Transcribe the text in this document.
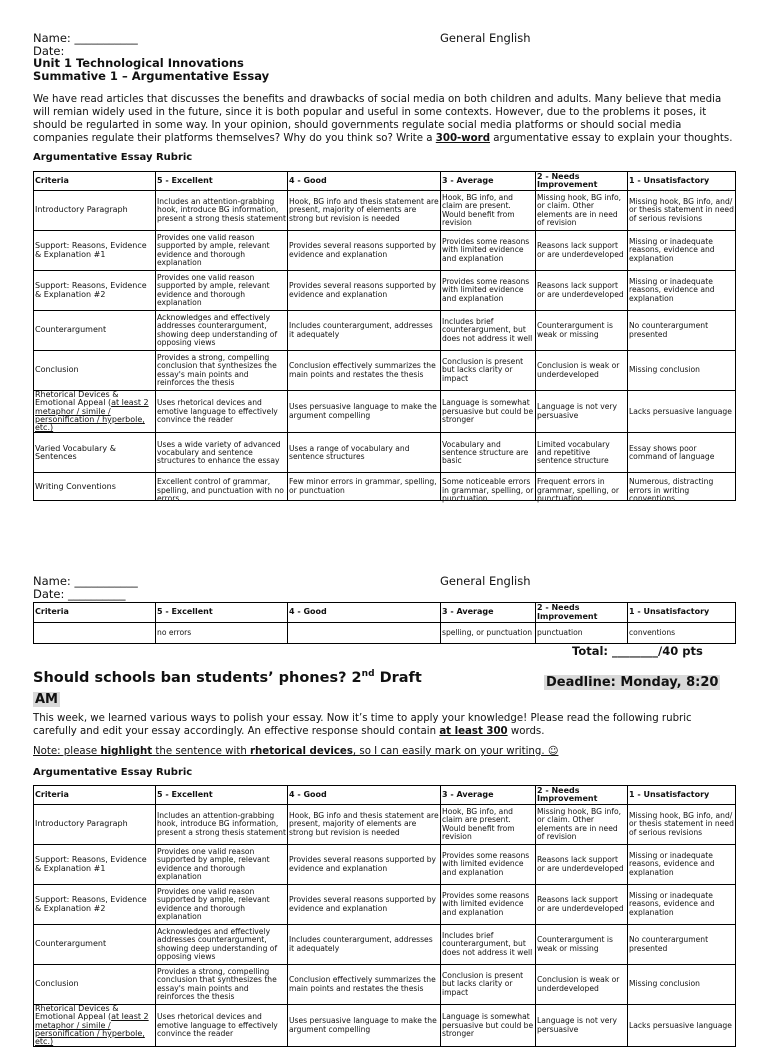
Name: ___________	General English
Date:
Unit 1 Technological Innovations
Summative 1 – Argumentative Essay
We have read articles that discusses the benefits and drawbacks of social media on both children and adults. Many believe that media will remian widely used in the future, since it is both popular and useful in some contexts. However, due to the problems it poses, it should be regularted in some way. In your opinion, should governments regulate social media platforms or should social media companies regulate their platforms themselves? Why do you think so? Write a 300-word argumentative essay to explain your thoughts.
Argumentative Essay Rubric
Criteria	5 - Excellent	4 - Good	3 - Average	2 - Needs Improvement	1 - Unsatisfactory
Introductory Paragraph	Includes an attention-grabbing hook, introduce BG information, present a strong thesis statement	Hook, BG info and thesis statement are present, majority of elements are strong but revision is needed	Hook, BG info, and claim are present. Would benefit from revision	Missing hook, BG info, or claim. Other elements are in need of revision	Missing hook, BG info, and/ or thesis statement in need of serious revisions
Support: Reasons, Evidence & Explanation #1	Provides one valid reason supported by ample, relevant evidence and thorough explanation	Provides several reasons supported by evidence and explanation	Provides some reasons with limited evidence and explanation	Reasons lack support or are underdeveloped	Missing or inadequate reasons, evidence and explanation
Support: Reasons, Evidence & Explanation #2	Provides one valid reason supported by ample, relevant evidence and thorough explanation	Provides several reasons supported by evidence and explanation	Provides some reasons with limited evidence and explanation	Reasons lack support or are underdeveloped	Missing or inadequate reasons, evidence and explanation
Counterargument	Acknowledges and effectively addresses counterargument, showing deep understanding of opposing views	Includes counterargument, addresses it adequately	Includes brief counterargument, but does not address it well	Counterargument is weak or missing	No counterargument presented
Conclusion	Provides a strong, compelling conclusion that synthesizes the essay's main points and reinforces the thesis	Conclusion effectively summarizes the main points and restates the thesis	Conclusion is present but lacks clarity or impact	Conclusion is weak or underdeveloped	Missing conclusion
Rhetorical Devices & Emotional Appeal (at least 2 metaphor / simile / personification / hyperbole, etc.)	Uses rhetorical devices and emotive language to effectively convince the reader	Uses persuasive language to make the argument compelling	Language is somewhat persuasive but could be stronger	Language is not very persuasive	Lacks persuasive language
Varied Vocabulary & Sentences	Uses a wide variety of advanced vocabulary and sentence structures to enhance the essay	Uses a range of vocabulary and sentence structures	Vocabulary and sentence structure are basic	Limited vocabulary and repetitive sentence structure	Essay shows poor command of language
Writing Conventions	Excellent control of grammar, spelling, and punctuation with no errors	Few minor errors in grammar, spelling, or punctuation	Some noticeable errors in grammar, spelling, or punctuation	Frequent errors in grammar, spelling, or punctuation	Numerous, distracting errors in writing conventions
Name: ___________	General English
Date: __________
Criteria	5 - Excellent	4 - Good	3 - Average	2 - Needs Improvement	1 - Unsatisfactory
	no errors		spelling, or punctuation	punctuation	conventions
Total: ________/40 pts
Should schools ban students’ phones? 2nd Draft	Deadline: Monday, 8:20
AM
This week, we learned various ways to polish your essay. Now it’s time to apply your knowledge! Please read the following rubric carefully and edit your essay accordingly. An effective response should contain at least 300 words.
Note: please highlight the sentence with rhetorical devices, so I can easily mark on your writing. ☺
Argumentative Essay Rubric
Criteria	5 - Excellent	4 - Good	3 - Average	2 - Needs Improvement	1 - Unsatisfactory
Introductory Paragraph	Includes an attention-grabbing hook, introduce BG information, present a strong thesis statement	Hook, BG info and thesis statement are present, majority of elements are strong but revision is needed	Hook, BG info, and claim are present. Would benefit from revision	Missing hook, BG info, or claim. Other elements are in need of revision	Missing hook, BG info, and/ or thesis statement in need of serious revisions
Support: Reasons, Evidence & Explanation #1	Provides one valid reason supported by ample, relevant evidence and thorough explanation	Provides several reasons supported by evidence and explanation	Provides some reasons with limited evidence and explanation	Reasons lack support or are underdeveloped	Missing or inadequate reasons, evidence and explanation
Support: Reasons, Evidence & Explanation #2	Provides one valid reason supported by ample, relevant evidence and thorough explanation	Provides several reasons supported by evidence and explanation	Provides some reasons with limited evidence and explanation	Reasons lack support or are underdeveloped	Missing or inadequate reasons, evidence and explanation
Counterargument	Acknowledges and effectively addresses counterargument, showing deep understanding of opposing views	Includes counterargument, addresses it adequately	Includes brief counterargument, but does not address it well	Counterargument is weak or missing	No counterargument presented
Conclusion	Provides a strong, compelling conclusion that synthesizes the essay's main points and reinforces the thesis	Conclusion effectively summarizes the main points and restates the thesis	Conclusion is present but lacks clarity or impact	Conclusion is weak or underdeveloped	Missing conclusion
Rhetorical Devices & Emotional Appeal (at least 2 metaphor / simile / personification / hyperbole, etc.)	Uses rhetorical devices and emotive language to effectively convince the reader	Uses persuasive language to make the argument compelling	Language is somewhat persuasive but could be stronger	Language is not very persuasive	Lacks persuasive language
